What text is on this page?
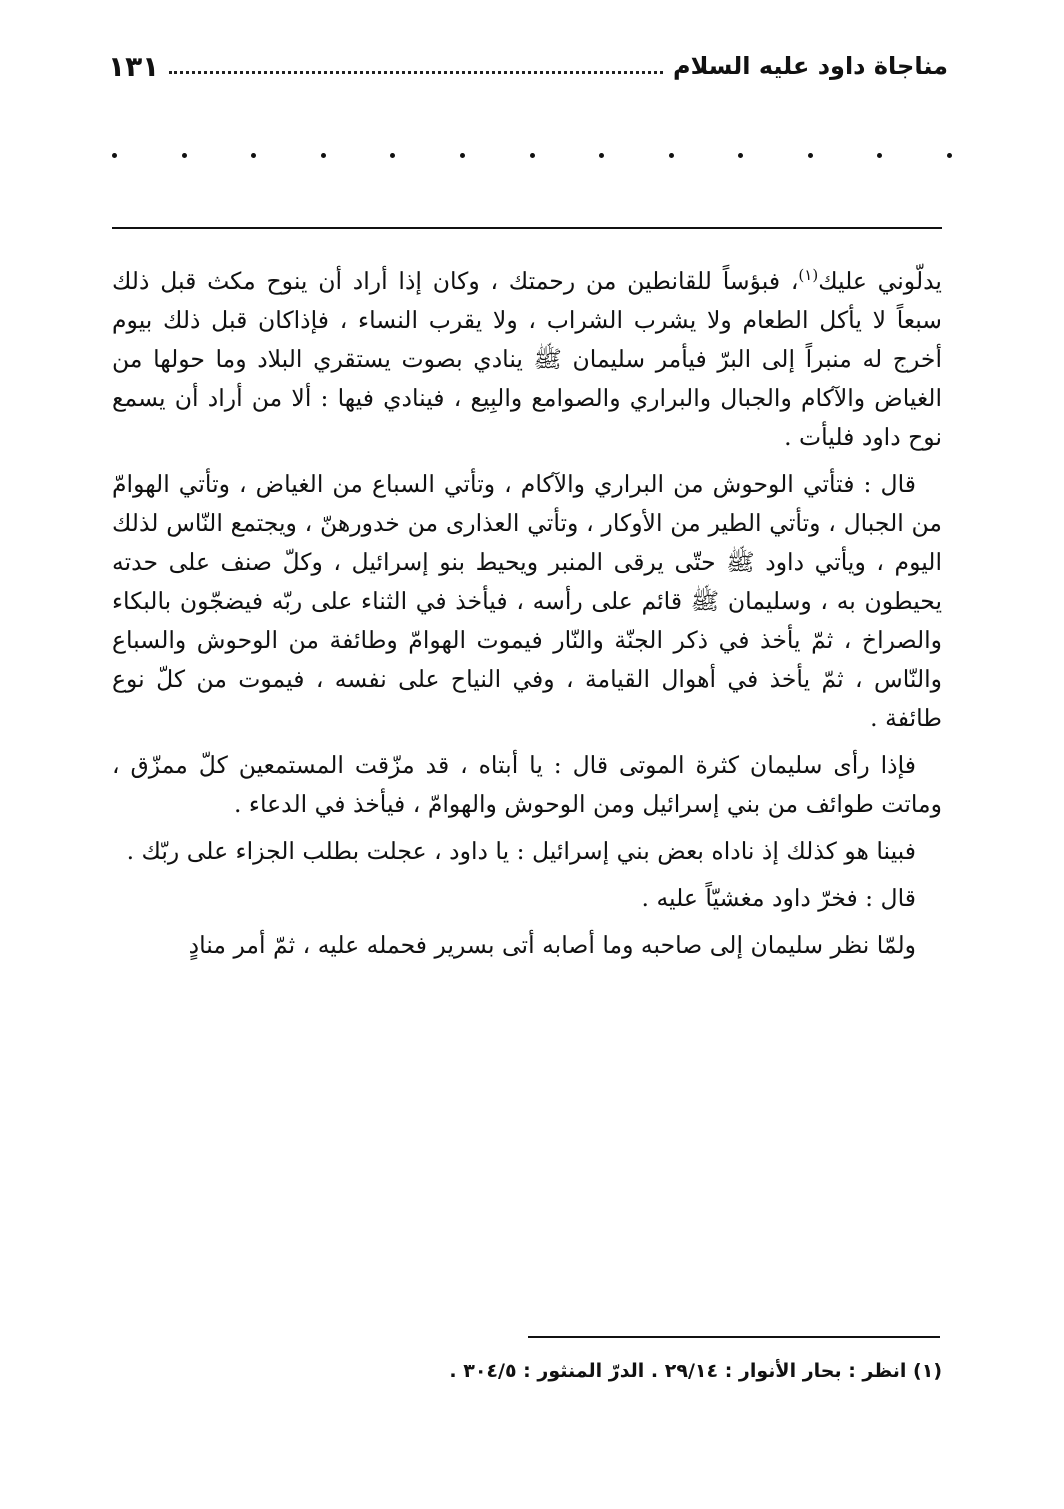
مناجاة داود عليه السلام
١٣١

يدلّوني عليك$^{(١)}$، فبؤساً للقانطين من رحمتك ، وكان إذا أراد أن ينوح مكث قبل ذلك سبعاً لا يأكل الطعام ولا يشرب الشراب ، ولا يقرب النساء ، فإذاكان قبل ذلك بيوم أخرج له منبراً إلى البرّ فيأمر سليمان ﷺ ينادي بصوت يستقري البلاد وما حولها من الغياض والآكام والجبال والبراري والصوامع والبِيع ، فينادي فيها : ألا من أراد أن يسمع نوح داود فليأت .

قال : فتأتي الوحوش من البراري والآكام ، وتأتي السباع من الغياض ، وتأتي الهوامّ من الجبال ، وتأتي الطير من الأوكار ، وتأتي العذارى من خدورهنّ ، ويجتمع النّاس لذلك اليوم ، ويأتي داود ﷺ حتّى يرقى المنبر ويحيط بنو إسرائيل ، وكلّ صنف على حدته يحيطون به ، وسليمان ﷺ قائم على رأسه ، فيأخذ في الثناء على ربّه فيضجّون بالبكاء والصراخ ، ثمّ يأخذ في ذكر الجنّة والنّار فيموت الهوامّ وطائفة من الوحوش والسباع والنّاس ، ثمّ يأخذ في أهوال القيامة ، وفي النياح على نفسه ، فيموت من كلّ نوع طائفة .

فإذا رأى سليمان كثرة الموتى قال : يا أبتاه ، قد مزّقت المستمعين كلّ ممزّق ، وماتت طوائف من بني إسرائيل ومن الوحوش والهوامّ ، فيأخذ في الدعاء .

فبينا هو كذلك إذ ناداه بعض بني إسرائيل : يا داود ، عجلت بطلب الجزاء على ربّك .

قال : فخرّ داود مغشيّاً عليه .

ولمّا نظر سليمان إلى صاحبه وما أصابه أتى بسرير فحمله عليه ، ثمّ أمر منادٍ

(١) انظر : بحار الأنوار : ٢٩/١٤ . الدرّ المنثور : ٣٠٤/٥ .
